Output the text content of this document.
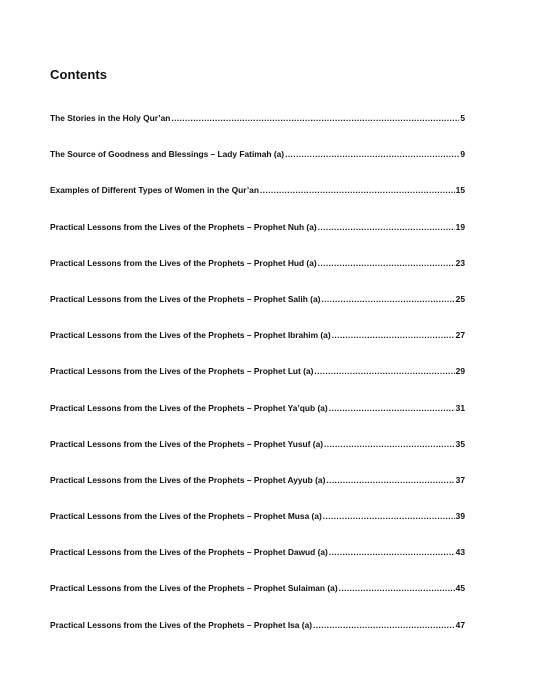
Contents
The Stories in the Holy Qur’an .....	5
The Source of Goodness and Blessings – Lady Fatimah (a) .....	9
Examples of Different Types of Women in the Qur’an .....	15
Practical Lessons from the Lives of the Prophets – Prophet Nuh (a) .....	19
Practical Lessons from the Lives of the Prophets – Prophet Hud (a) .....	23
Practical Lessons from the Lives of the Prophets – Prophet Salih (a) .....	25
Practical Lessons from the Lives of the Prophets – Prophet Ibrahim (a) .....	27
Practical Lessons from the Lives of the Prophets – Prophet Lut (a) .....	29
Practical Lessons from the Lives of the Prophets – Prophet Ya’qub (a) .....	31
Practical Lessons from the Lives of the Prophets – Prophet Yusuf (a) .....	35
Practical Lessons from the Lives of the Prophets – Prophet Ayyub (a) .....	37
Practical Lessons from the Lives of the Prophets – Prophet Musa (a) .....	39
Practical Lessons from the Lives of the Prophets – Prophet Dawud (a) .....	43
Practical Lessons from the Lives of the Prophets – Prophet Sulaiman (a) .....	45
Practical Lessons from the Lives of the Prophets – Prophet Isa (a) .....	47
